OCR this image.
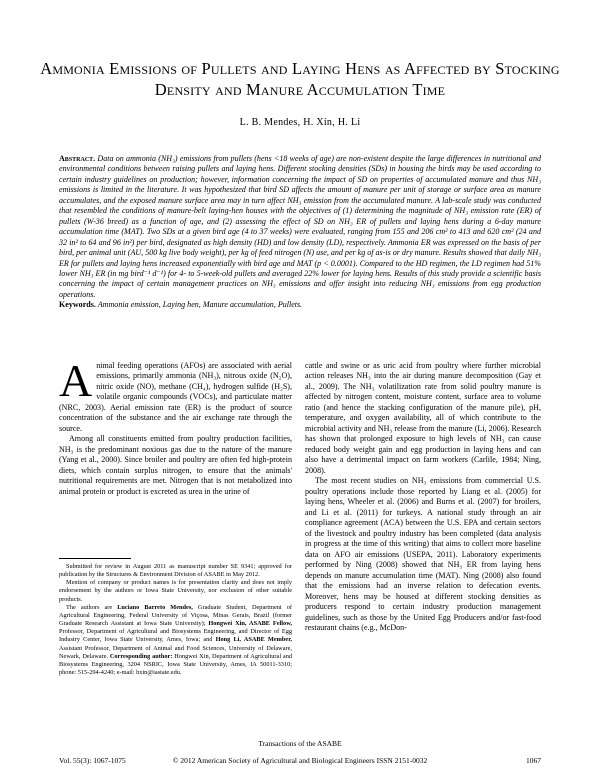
Ammonia Emissions of Pullets and Laying Hens as Affected by Stocking Density and Manure Accumulation Time
L. B. Mendes, H. Xin, H. Li
Abstract. Data on ammonia (NH₃) emissions from pullets (hens <18 weeks of age) are non-existent despite the large differences in nutritional and environmental conditions between raising pullets and laying hens. Different stocking densities (SDs) in housing the birds may be used according to certain industry guidelines on production; however, information concerning the impact of SD on properties of accumulated manure and thus NH₃ emissions is limited in the literature. It was hypothesized that bird SD affects the amount of manure per unit of storage or surface area as manure accumulates, and the exposed manure surface area may in turn affect NH₃ emission from the accumulated manure. A lab-scale study was conducted that resembled the conditions of manure-belt laying-hen houses with the objectives of (1) determining the magnitude of NH₃ emission rate (ER) of pullets (W-36 breed) as a function of age, and (2) assessing the effect of SD on NH₃ ER of pullets and laying hens during a 6-day manure accumulation time (MAT). Two SDs at a given bird age (4 to 37 weeks) were evaluated, ranging from 155 and 206 cm² to 413 and 620 cm² (24 and 32 in² to 64 and 96 in²) per bird, designated as high density (HD) and low density (LD), respectively. Ammonia ER was expressed on the basis of per bird, per animal unit (AU, 500 kg live body weight), per kg of feed nitrogen (N) use, and per kg of as-is or dry manure. Results showed that daily NH₃ ER for pullets and laying hens increased exponentially with bird age and MAT (p < 0.0001). Compared to the HD regimen, the LD regimen had 51% lower NH₃ ER (in mg bird⁻¹ d⁻¹) for 4- to 5-week-old pullets and averaged 22% lower for laying hens. Results of this study provide a scientific basis concerning the impact of certain management practices on NH₃ emissions and offer insight into reducing NH₃ emissions from egg production operations.
Keywords. Ammonia emission, Laying hen, Manure accumulation, Pullets.

Animal feeding operations (AFOs) are associated with aerial emissions, primarily ammonia (NH₃), nitrous oxide (N₂O), nitric oxide (NO), methane (CH₄), hydrogen sulfide (H₂S), volatile organic compounds (VOCs), and particulate matter (NRC, 2003). Aerial emission rate (ER) is the product of source concentration of the substance and the air exchange rate through the source.

Among all constituents emitted from poultry production facilities, NH₃ is the predominant noxious gas due to the nature of the manure (Yang et al., 2000). Since broiler and poultry are often fed high-protein diets, which contain surplus nitrogen, to ensure that the animals' nutritional requirements are met. Nitrogen that is not metabolized into animal protein or product is excreted as urea in the urine of

cattle and swine or as uric acid from poultry where further microbial action releases NH₃ into the air during manure decomposition (Gay et al., 2009). The NH₃ volatilization rate from solid poultry manure is affected by nitrogen content, moisture content, surface area to volume ratio (and hence the stacking configuration of the manure pile), pH, temperature, and oxygen availability, all of which contribute to the microbial activity and NH₃ release from the manure (Li, 2006). Research has shown that prolonged exposure to high levels of NH₃ can cause reduced body weight gain and egg production in laying hens and can also have a detrimental impact on farm workers (Carlile, 1984; Ning, 2008).

The most recent studies on NH₃ emissions from commercial U.S. poultry operations include those reported by Liang et al. (2005) for laying hens, Wheeler et al. (2006) and Burns et al. (2007) for broilers, and Li et al. (2011) for turkeys. A national study through an air compliance agreement (ACA) between the U.S. EPA and certain sectors of the livestock and poultry industry has been completed (data analysis in progress at the time of this writing) that aims to collect more baseline data on AFO air emissions (USEPA, 2011). Laboratory experiments performed by Ning (2008) showed that NH₃ ER from laying hens depends on manure accumulation time (MAT). Ning (2008) also found that the emissions had an inverse relation to defecation events. Moreover, hens may be housed at different stocking densities as producers respond to certain industry production management guidelines, such as those by the United Egg Producers and/or fast-food restaurant chains (e.g., McDon-

Submitted for review in August 2011 as manuscript number SE 9341; approved for publication by the Structures & Environment Division of ASABE in May 2012.

Mention of company or product names is for presentation clarity and does not imply endorsement by the authors or Iowa State University, nor exclusion of other suitable products.

The authors are Luciano Barreto Mendes, Graduate Student, Department of Agricultural Engineering, Federal University of Viçosa, Minas Gerais, Brazil (former Graduate Research Assistant at Iowa State University); Hongwei Xin, ASABE Fellow, Professor, Department of Agricultural and Biosystems Engineering, and Director of Egg Industry Center, Iowa State University, Ames, Iowa; and Hong Li, ASABE Member, Assistant Professor, Department of Animal and Food Sciences, University of Delaware, Newark, Delaware. Corresponding author: Hongwei Xin, Department of Agricultural and Biosystems Engineering, 3204 NSRIC, Iowa State University, Ames, IA 50011-3310; phone: 515-294-4240; e-mail: hxin@iastate.edu.

Transactions of the ASABE
Vol. 55(3): 1067-1075	© 2012 American Society of Agricultural and Biological Engineers ISSN 2151-0032	1067
